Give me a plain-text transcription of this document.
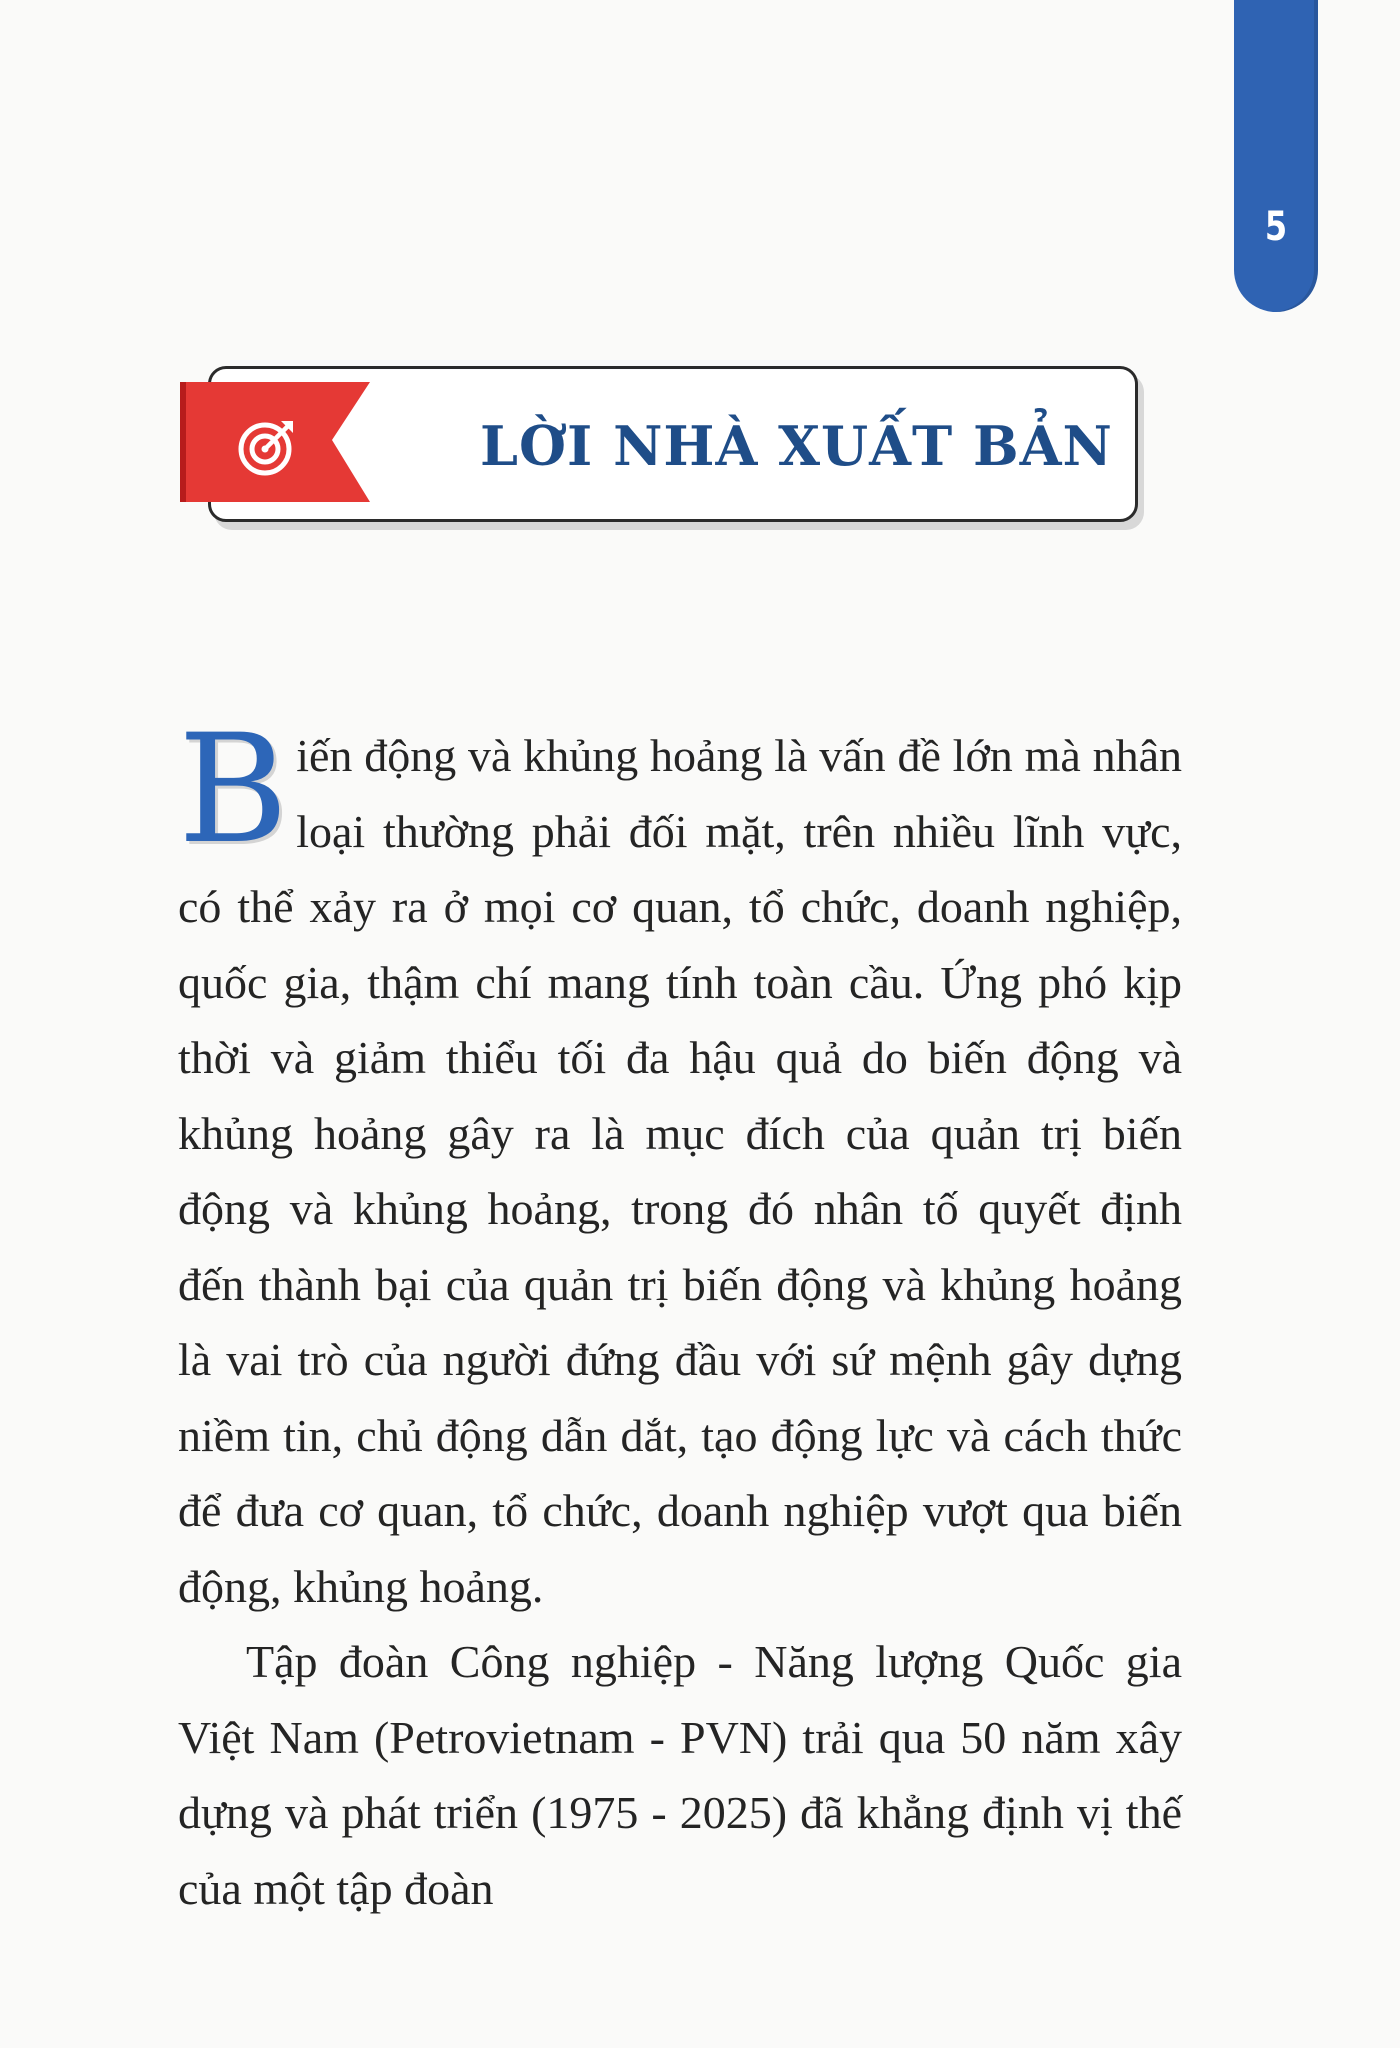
5
LỜI NHÀ XUẤT BẢN

Biến động và khủng hoảng là vấn đề lớn mà nhân loại thường phải đối mặt, trên nhiều lĩnh vực, có thể xảy ra ở mọi cơ quan, tổ chức, doanh nghiệp, quốc gia, thậm chí mang tính toàn cầu. Ứng phó kịp thời và giảm thiểu tối đa hậu quả do biến động và khủng hoảng gây ra là mục đích của quản trị biến động và khủng hoảng, trong đó nhân tố quyết định đến thành bại của quản trị biến động và khủng hoảng là vai trò của người đứng đầu với sứ mệnh gây dựng niềm tin, chủ động dẫn dắt, tạo động lực và cách thức để đưa cơ quan, tổ chức, doanh nghiệp vượt qua biến động, khủng hoảng.

Tập đoàn Công nghiệp - Năng lượng Quốc gia Việt Nam (Petrovietnam - PVN) trải qua 50 năm xây dựng và phát triển (1975 - 2025) đã khẳng định vị thế của một tập đoàn
